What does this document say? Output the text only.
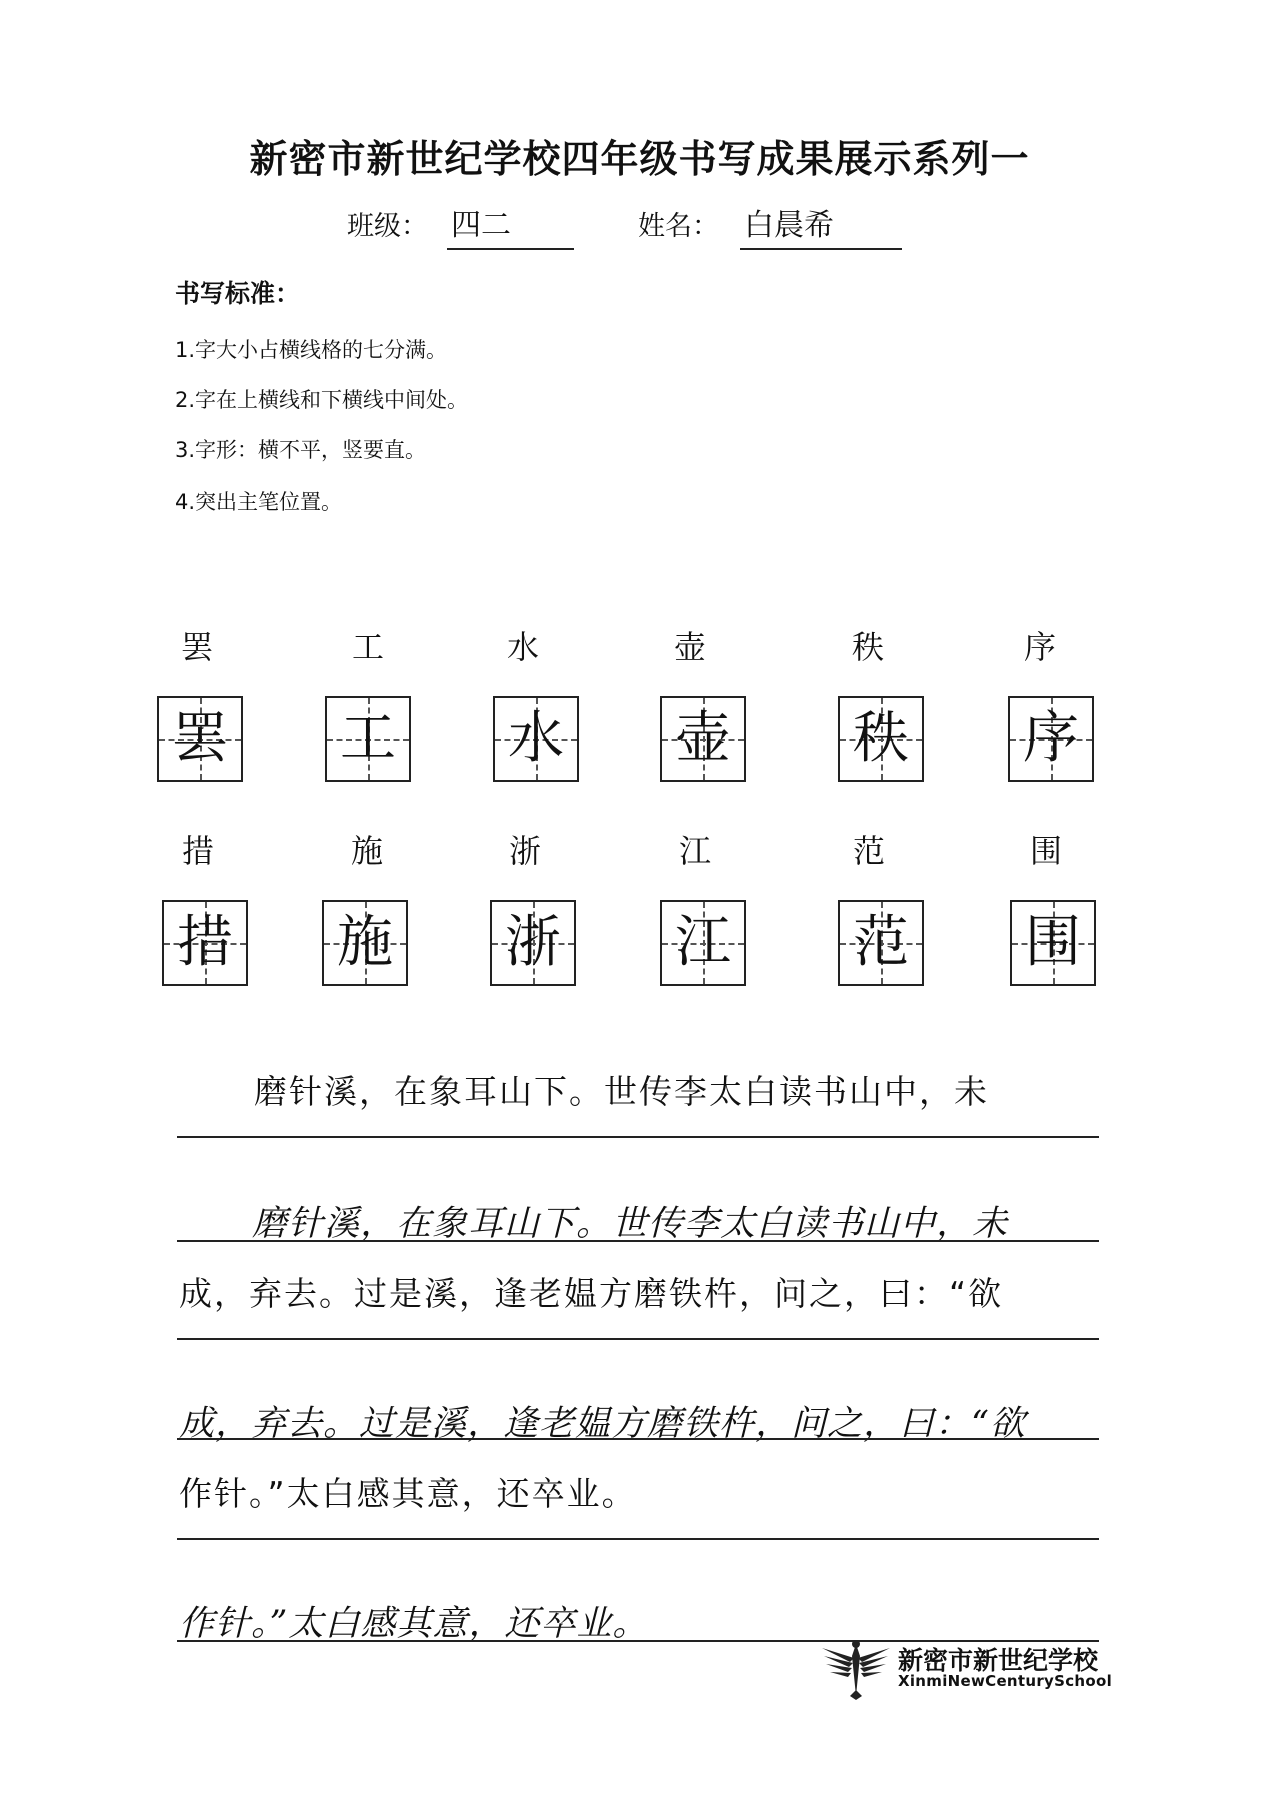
新密市新世纪学校四年级书写成果展示系列一
班级： 四二	姓名： 白晨希
书写标准：
1.字大小占横线格的七分满。
2.字在上横线和下横线中间处。
3.字形：横不平，竖要直。
4.突出主笔位置。
罢	工	水	壶	秩	序
罢 工 水 壶 秩 序
措	施	浙	江	范	围
措 施 浙 江 范 围
磨针溪，在象耳山下。世传李太白读书山中，未
磨针溪，在象耳山下。世传李太白读书山中，未
成，弃去。过是溪，逢老媪方磨铁杵，问之，曰：“欲
成，弃去。过是溪，逢老媪方磨铁杵，问之，曰：“欲
作针。”太白感其意，还卒业。
作针。”太白感其意，还卒业。
新密市新世纪学校
XinmiNewCenturySchool
